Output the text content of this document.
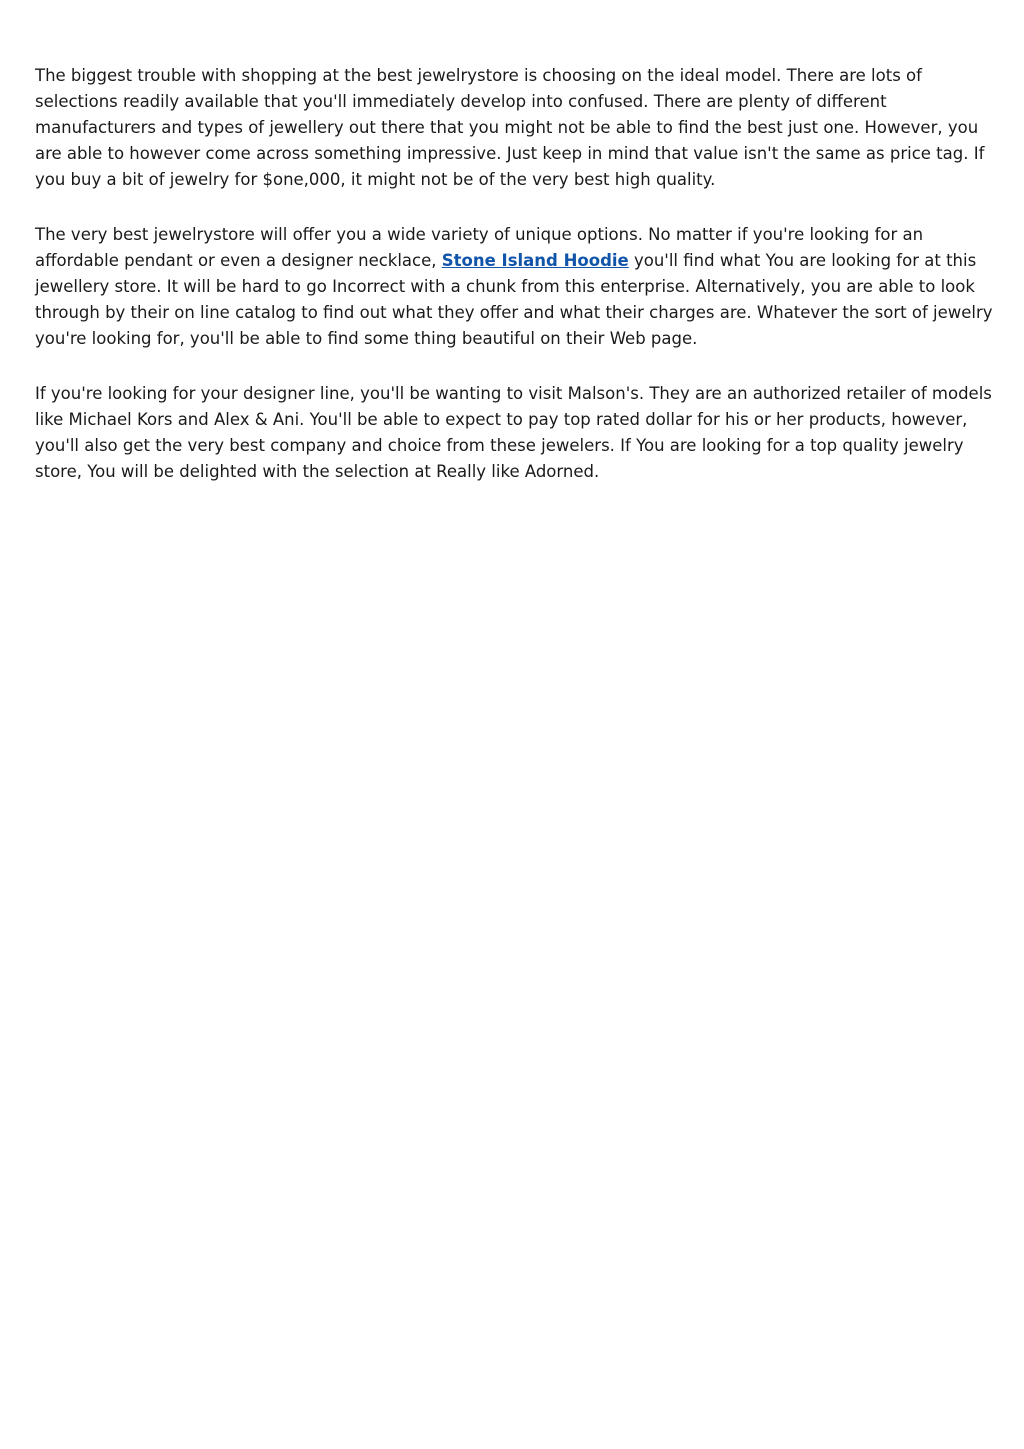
The biggest trouble with shopping at the best jewelrystore is choosing on the ideal model. There are lots of selections readily available that you'll immediately develop into confused. There are plenty of different manufacturers and types of jewellery out there that you might not be able to find the best just one. However, you are able to however come across something impressive. Just keep in mind that value isn't the same as price tag. If you buy a bit of jewelry for $one,000, it might not be of the very best high quality.

The very best jewelrystore will offer you a wide variety of unique options. No matter if you're looking for an affordable pendant or even a designer necklace, Stone Island Hoodie you'll find what You are looking for at this jewellery store. It will be hard to go Incorrect with a chunk from this enterprise. Alternatively, you are able to look through by their on line catalog to find out what they offer and what their charges are. Whatever the sort of jewelry you're looking for, you'll be able to find some thing beautiful on their Web page.

If you're looking for your designer line, you'll be wanting to visit Malson's. They are an authorized retailer of models like Michael Kors and Alex & Ani. You'll be able to expect to pay top rated dollar for his or her products, however, you'll also get the very best company and choice from these jewelers. If You are looking for a top quality jewelry store, You will be delighted with the selection at Really like Adorned.
